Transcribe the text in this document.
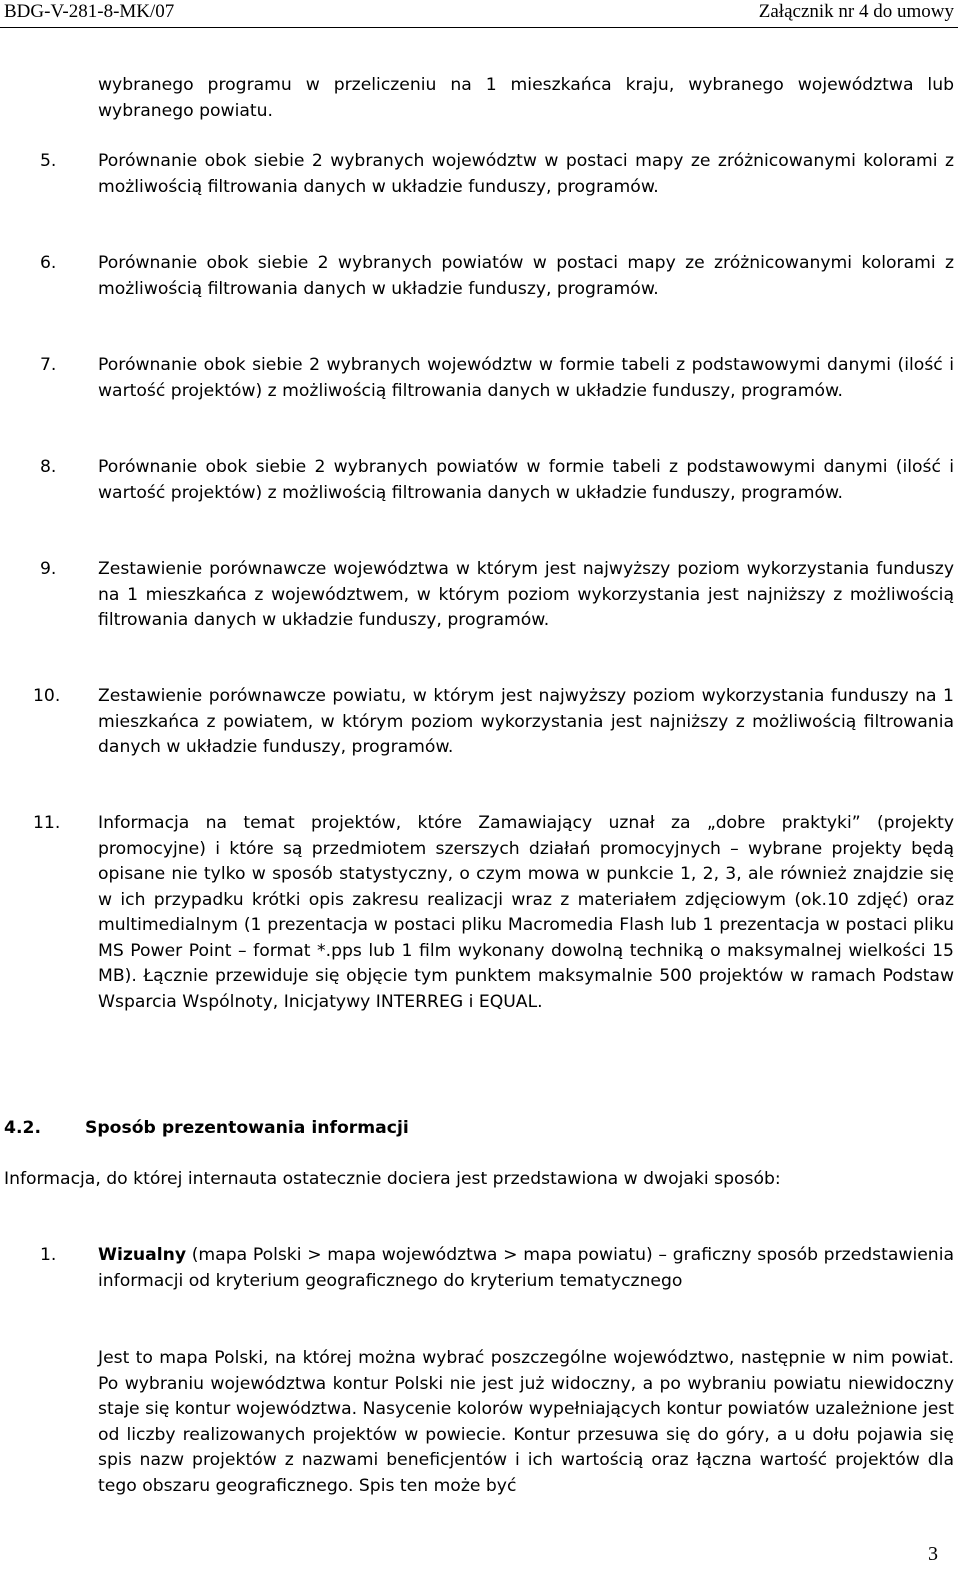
BDG-V-281-8-MK/07	Załącznik nr 4 do umowy
wybranego programu w przeliczeniu na 1 mieszkańca kraju, wybranego województwa lub wybranego powiatu.
5. Porównanie obok siebie 2 wybranych województw w postaci mapy ze zróżnicowanymi kolorami z możliwością filtrowania danych w układzie funduszy, programów.
6. Porównanie obok siebie 2 wybranych powiatów w postaci mapy ze zróżnicowanymi kolorami z możliwością filtrowania danych w układzie funduszy, programów.
7. Porównanie obok siebie 2 wybranych województw w formie tabeli z podstawowymi danymi (ilość i wartość projektów) z możliwością filtrowania danych w układzie funduszy, programów.
8. Porównanie obok siebie 2 wybranych powiatów w formie tabeli z podstawowymi danymi (ilość i wartość projektów) z możliwością filtrowania danych w układzie funduszy, programów.
9. Zestawienie porównawcze województwa w którym jest najwyższy poziom wykorzystania funduszy na 1 mieszkańca z województwem, w którym poziom wykorzystania jest najniższy z możliwością filtrowania danych w układzie funduszy, programów.
10. Zestawienie porównawcze powiatu, w którym jest najwyższy poziom wykorzystania funduszy na 1 mieszkańca z powiatem, w którym poziom wykorzystania jest najniższy z możliwością filtrowania danych w układzie funduszy, programów.
11. Informacja na temat projektów, które Zamawiający uznał za „dobre praktyki” (projekty promocyjne) i które są przedmiotem szerszych działań promocyjnych – wybrane projekty będą opisane nie tylko w sposób statystyczny, o czym mowa w punkcie 1, 2, 3, ale również znajdzie się w ich przypadku krótki opis zakresu realizacji wraz z materiałem zdjęciowym (ok.10 zdjęć) oraz multimedialnym (1 prezentacja w postaci pliku Macromedia Flash lub 1 prezentacja w postaci pliku MS Power Point – format *.pps lub 1 film wykonany dowolną techniką o maksymalnej wielkości 15 MB). Łącznie przewiduje się objęcie tym punktem maksymalnie 500 projektów w ramach Podstaw Wsparcia Wspólnoty, Inicjatywy INTERREG i EQUAL.
4.2.	Sposób prezentowania informacji
Informacja, do której internauta ostatecznie dociera jest przedstawiona w dwojaki sposób:
1. Wizualny (mapa Polski > mapa województwa > mapa powiatu) – graficzny sposób przedstawienia informacji od kryterium geograficznego do kryterium tematycznego
Jest to mapa Polski, na której można wybrać poszczególne województwo, następnie w nim powiat. Po wybraniu województwa kontur Polski nie jest już widoczny, a po wybraniu powiatu niewidoczny staje się kontur województwa. Nasycenie kolorów wypełniających kontur powiatów uzależnione jest od liczby realizowanych projektów w powiecie. Kontur przesuwa się do góry, a u dołu pojawia się spis nazw projektów z nazwami beneficjentów i ich wartością oraz łączna wartość projektów dla tego obszaru geograficznego. Spis ten może być
3
